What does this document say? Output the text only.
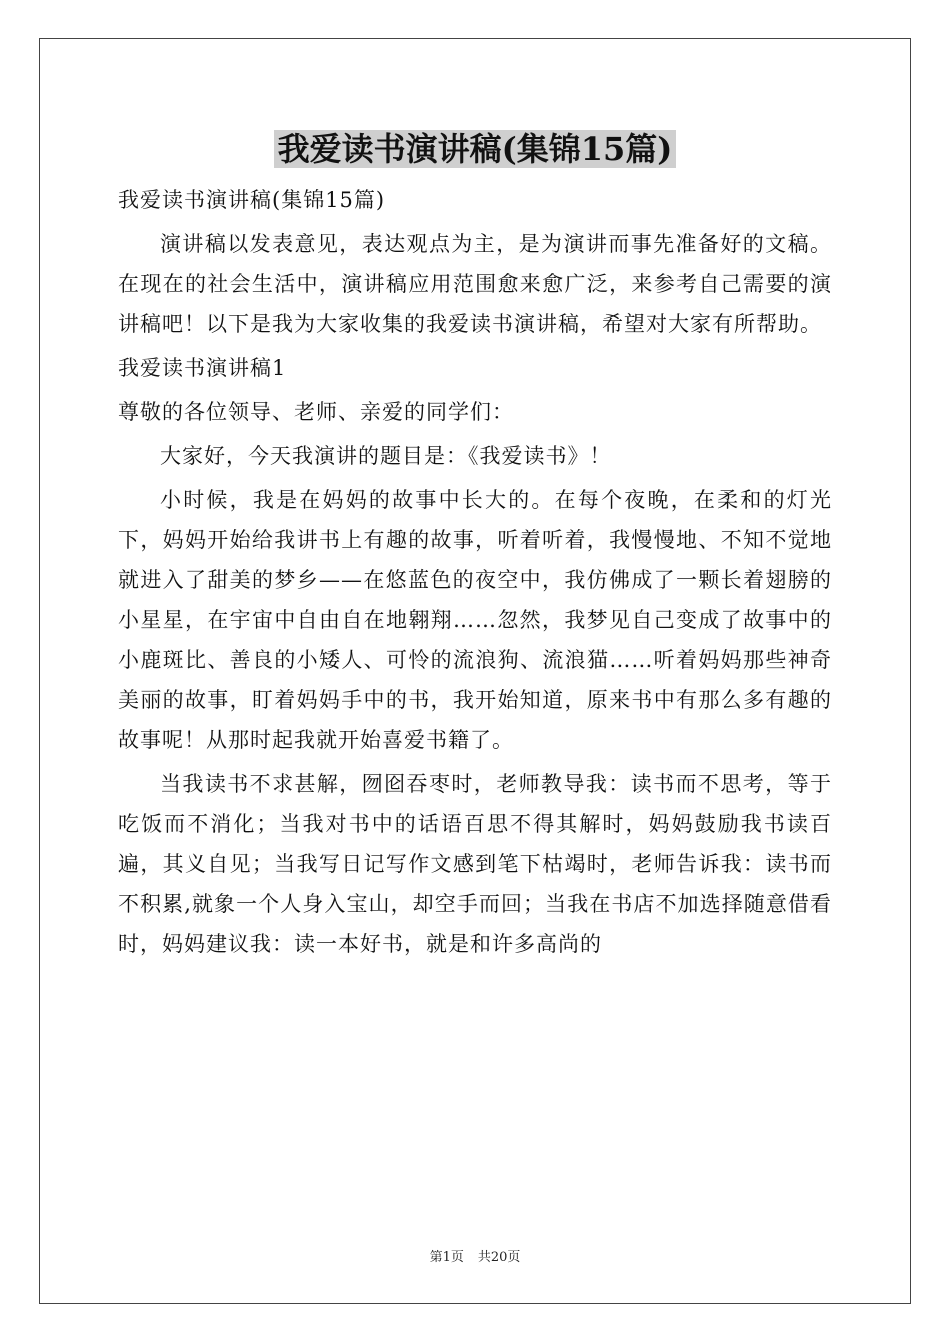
我爱读书演讲稿(集锦15篇)

我爱读书演讲稿(集锦15篇)

演讲稿以发表意见，表达观点为主，是为演讲而事先准备好的文稿。在现在的社会生活中，演讲稿应用范围愈来愈广泛，来参考自己需要的演讲稿吧！以下是我为大家收集的我爱读书演讲稿，希望对大家有所帮助。

我爱读书演讲稿1

尊敬的各位领导、老师、亲爱的同学们：

大家好，今天我演讲的题目是：《我爱读书》！

小时候，我是在妈妈的故事中长大的。在每个夜晚，在柔和的灯光下，妈妈开始给我讲书上有趣的故事，听着听着，我慢慢地、不知不觉地就进入了甜美的梦乡——在悠蓝色的夜空中，我仿佛成了一颗长着翅膀的小星星，在宇宙中自由自在地翱翔……忽然，我梦见自己变成了故事中的小鹿斑比、善良的小矮人、可怜的流浪狗、流浪猫……听着妈妈那些神奇美丽的故事，盯着妈妈手中的书，我开始知道，原来书中有那么多有趣的故事呢！从那时起我就开始喜爱书籍了。

当我读书不求甚解，囫囵吞枣时，老师教导我：读书而不思考，等于吃饭而不消化；当我对书中的话语百思不得其解时，妈妈鼓励我书读百遍，其义自见；当我写日记写作文感到笔下枯竭时，老师告诉我：读书而不积累,就象一个人身入宝山，却空手而回；当我在书店不加选择随意借看时，妈妈建议我：读一本好书，就是和许多高尚的

第1页 共20页
